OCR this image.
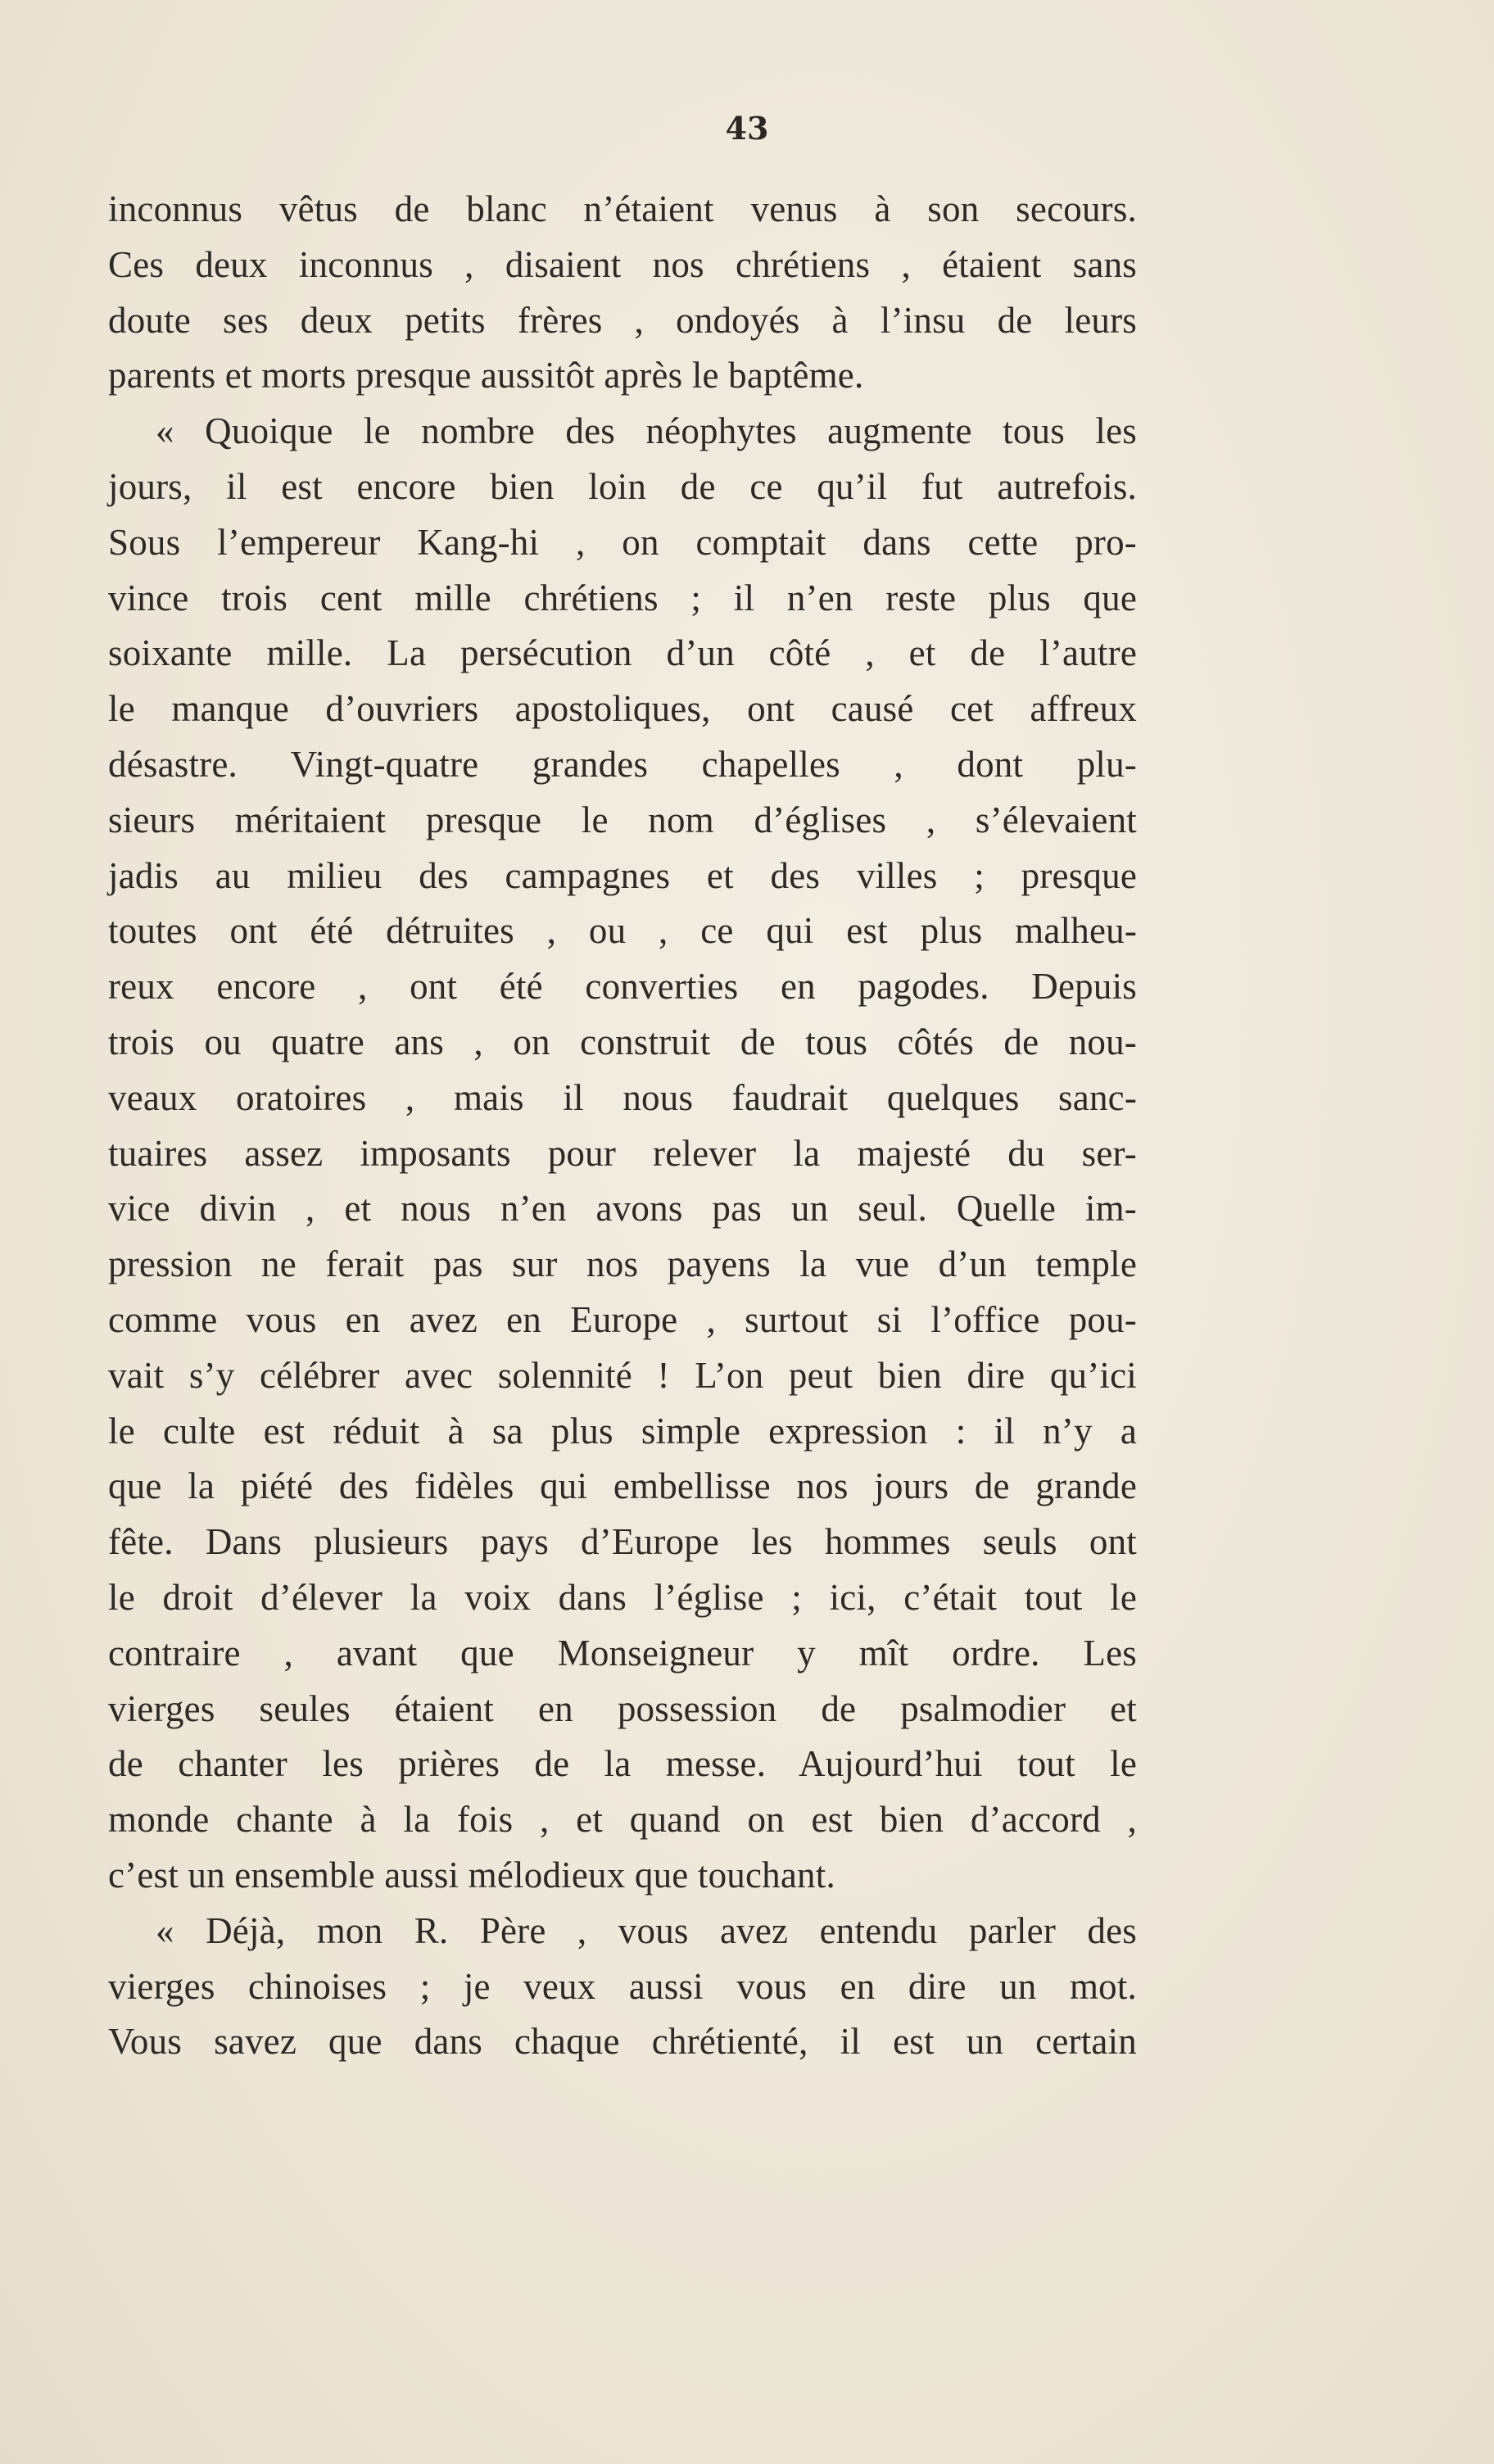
43
inconnus vêtus de blanc n’étaient venus à son secours.
Ces deux inconnus , disaient nos chrétiens , étaient sans
doute ses deux petits frères , ondoyés à l’insu de leurs
parents et morts presque aussitôt après le baptême.
« Quoique le nombre des néophytes augmente tous les
jours, il est encore bien loin de ce qu’il fut autrefois.
Sous l’empereur Kang-hi , on comptait dans cette pro-
vince trois cent mille chrétiens ; il n’en reste plus que
soixante mille. La persécution d’un côté , et de l’autre
le manque d’ouvriers apostoliques, ont causé cet affreux
désastre. Vingt-quatre grandes chapelles , dont plu-
sieurs méritaient presque le nom d’églises , s’élevaient
jadis au milieu des campagnes et des villes ; presque
toutes ont été détruites , ou , ce qui est plus malheu-
reux encore , ont été converties en pagodes. Depuis
trois ou quatre ans , on construit de tous côtés de nou-
veaux oratoires , mais il nous faudrait quelques sanc-
tuaires assez imposants pour relever la majesté du ser-
vice divin , et nous n’en avons pas un seul. Quelle im-
pression ne ferait pas sur nos payens la vue d’un temple
comme vous en avez en Europe , surtout si l’office pou-
vait s’y célébrer avec solennité ! L’on peut bien dire qu’ici
le culte est réduit à sa plus simple expression : il n’y a
que la piété des fidèles qui embellisse nos jours de grande
fête. Dans plusieurs pays d’Europe les hommes seuls ont
le droit d’élever la voix dans l’église ; ici, c’était tout le
contraire , avant que Monseigneur y mît ordre. Les
vierges seules étaient en possession de psalmodier et
de chanter les prières de la messe. Aujourd’hui tout le
monde chante à la fois , et quand on est bien d’accord ,
c’est un ensemble aussi mélodieux que touchant.
« Déjà, mon R. Père , vous avez entendu parler des
vierges chinoises ; je veux aussi vous en dire un mot.
Vous savez que dans chaque chrétienté, il est un certain
